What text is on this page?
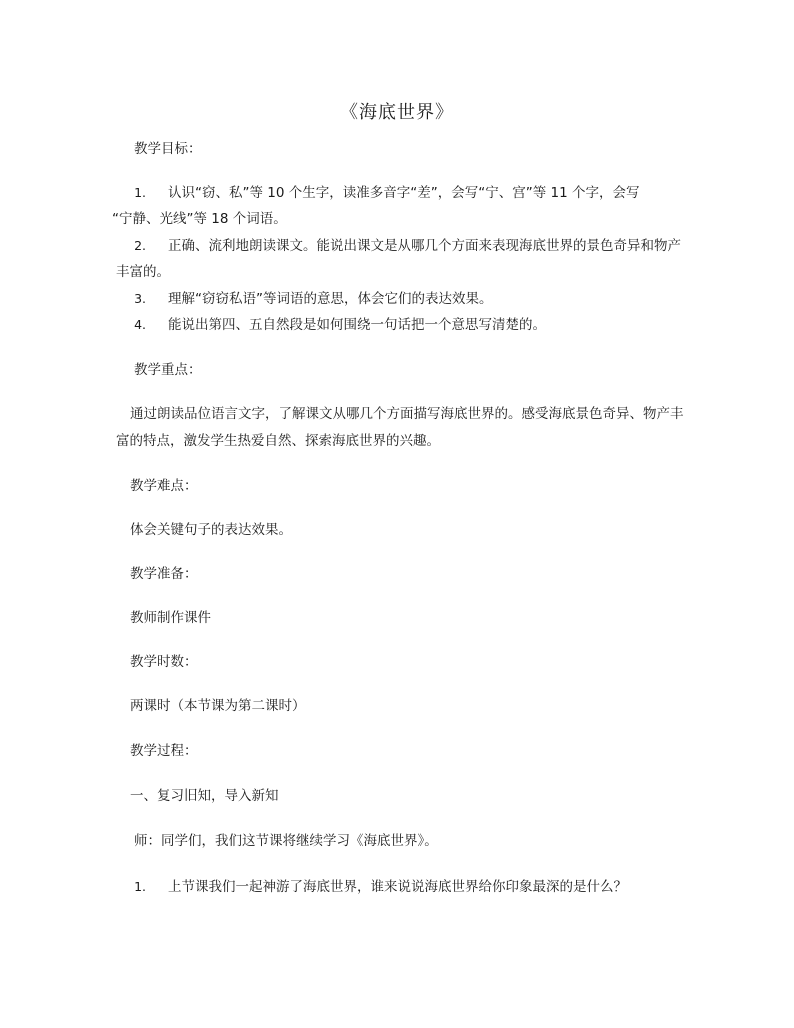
《海底世界》
教学目标：
1. 认识“窃、私”等 10 个生字，读准多音字“差”，会写“宁、宫”等 11 个字，会写
“宁静、光线”等 18 个词语。
2. 正确、流利地朗读课文。能说出课文是从哪几个方面来表现海底世界的景色奇异和物产
丰富的。
3. 理解“窃窃私语”等词语的意思，体会它们的表达效果。
4. 能说出第四、五自然段是如何围绕一句话把一个意思写清楚的。
教学重点：
通过朗读品位语言文字，了解课文从哪几个方面描写海底世界的。感受海底景色奇异、物产丰
富的特点，激发学生热爱自然、探索海底世界的兴趣。
教学难点：
体会关键句子的表达效果。
教学准备：
教师制作课件
教学时数：
两课时（本节课为第二课时）
教学过程：
一、复习旧知，导入新知
师：同学们，我们这节课将继续学习《海底世界》。
1. 上节课我们一起神游了海底世界，谁来说说海底世界给你印象最深的是什么？
